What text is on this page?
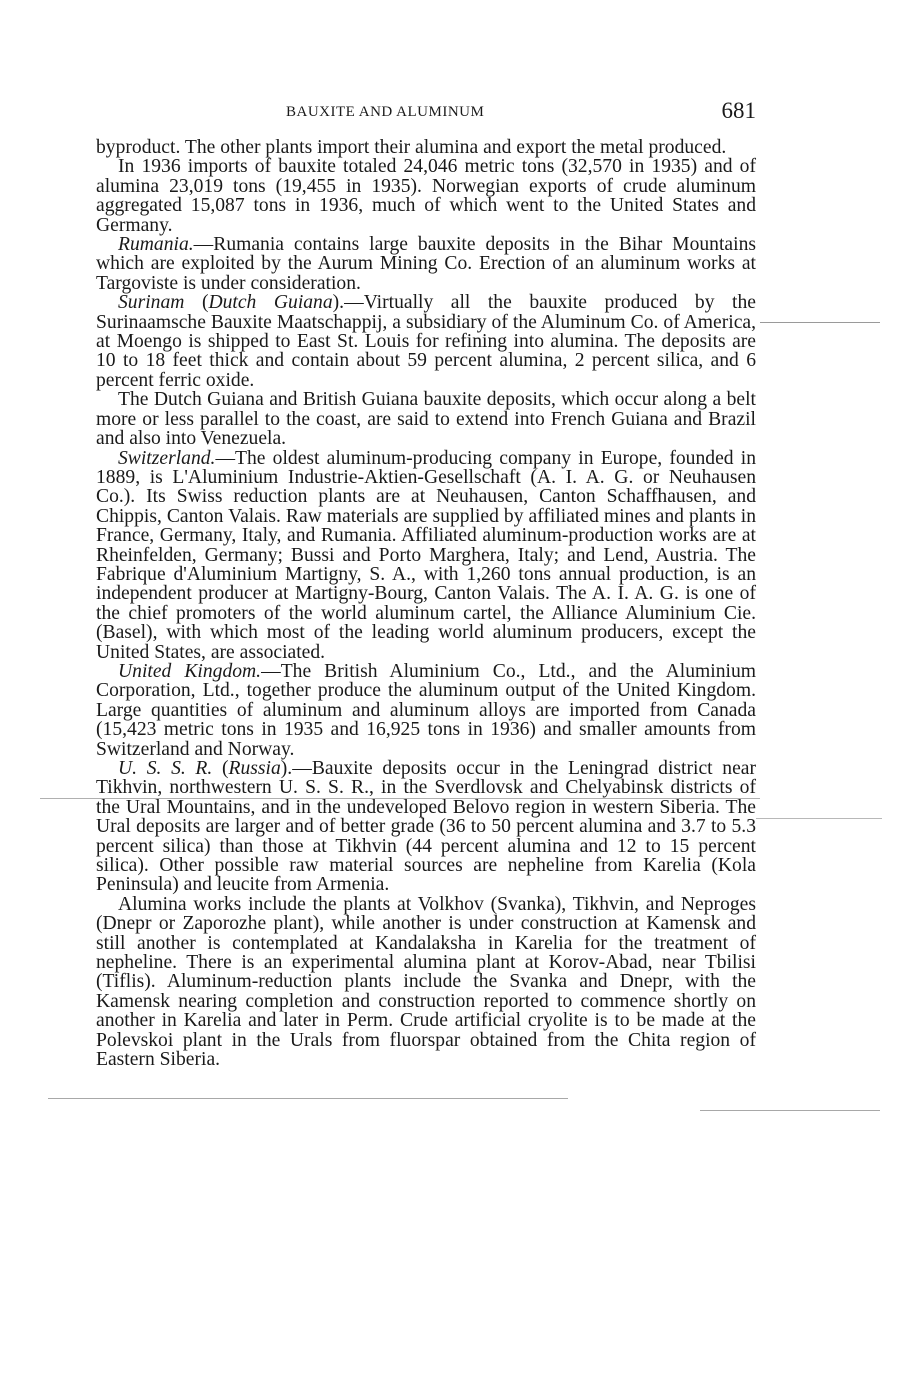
BAUXITE AND ALUMINUM	681

byproduct. The other plants import their alumina and export the metal produced.

In 1936 imports of bauxite totaled 24,046 metric tons (32,570 in 1935) and of alumina 23,019 tons (19,455 in 1935). Norwegian exports of crude aluminum aggregated 15,087 tons in 1936, much of which went to the United States and Germany.

Rumania.—Rumania contains large bauxite deposits in the Bihar Mountains which are exploited by the Aurum Mining Co. Erection of an aluminum works at Targoviste is under consideration.

Surinam (Dutch Guiana).—Virtually all the bauxite produced by the Surinaamsche Bauxite Maatschappij, a subsidiary of the Aluminum Co. of America, at Moengo is shipped to East St. Louis for refining into alumina. The deposits are 10 to 18 feet thick and contain about 59 percent alumina, 2 percent silica, and 6 percent ferric oxide.

The Dutch Guiana and British Guiana bauxite deposits, which occur along a belt more or less parallel to the coast, are said to extend into French Guiana and Brazil and also into Venezuela.

Switzerland.—The oldest aluminum-producing company in Europe, founded in 1889, is L'Aluminium Industrie-Aktien-Gesellschaft (A. I. A. G. or Neuhausen Co.). Its Swiss reduction plants are at Neuhausen, Canton Schaffhausen, and Chippis, Canton Valais. Raw materials are supplied by affiliated mines and plants in France, Germany, Italy, and Rumania. Affiliated aluminum-production works are at Rheinfelden, Germany; Bussi and Porto Marghera, Italy; and Lend, Austria. The Fabrique d'Aluminium Martigny, S. A., with 1,260 tons annual production, is an independent producer at Martigny-Bourg, Canton Valais. The A. I. A. G. is one of the chief promoters of the world aluminum cartel, the Alliance Aluminium Cie. (Basel), with which most of the leading world aluminum producers, except the United States, are associated.

United Kingdom.—The British Aluminium Co., Ltd., and the Aluminium Corporation, Ltd., together produce the aluminum output of the United Kingdom. Large quantities of aluminum and aluminum alloys are imported from Canada (15,423 metric tons in 1935 and 16,925 tons in 1936) and smaller amounts from Switzerland and Norway.

U. S. S. R. (Russia).—Bauxite deposits occur in the Leningrad district near Tikhvin, northwestern U. S. S. R., in the Sverdlovsk and Chelyabinsk districts of the Ural Mountains, and in the undeveloped Belovo region in western Siberia. The Ural deposits are larger and of better grade (36 to 50 percent alumina and 3.7 to 5.3 percent silica) than those at Tikhvin (44 percent alumina and 12 to 15 percent silica). Other possible raw material sources are nepheline from Karelia (Kola Peninsula) and leucite from Armenia.

Alumina works include the plants at Volkhov (Svanka), Tikhvin, and Neproges (Dnepr or Zaporozhe plant), while another is under construction at Kamensk and still another is contemplated at Kandalaksha in Karelia for the treatment of nepheline. There is an experimental alumina plant at Korov-Abad, near Tbilisi (Tiflis). Aluminum-reduction plants include the Svanka and Dnepr, with the Kamensk nearing completion and construction reported to commence shortly on another in Karelia and later in Perm. Crude artificial cryolite is to be made at the Polevskoi plant in the Urals from fluorspar obtained from the Chita region of Eastern Siberia.
